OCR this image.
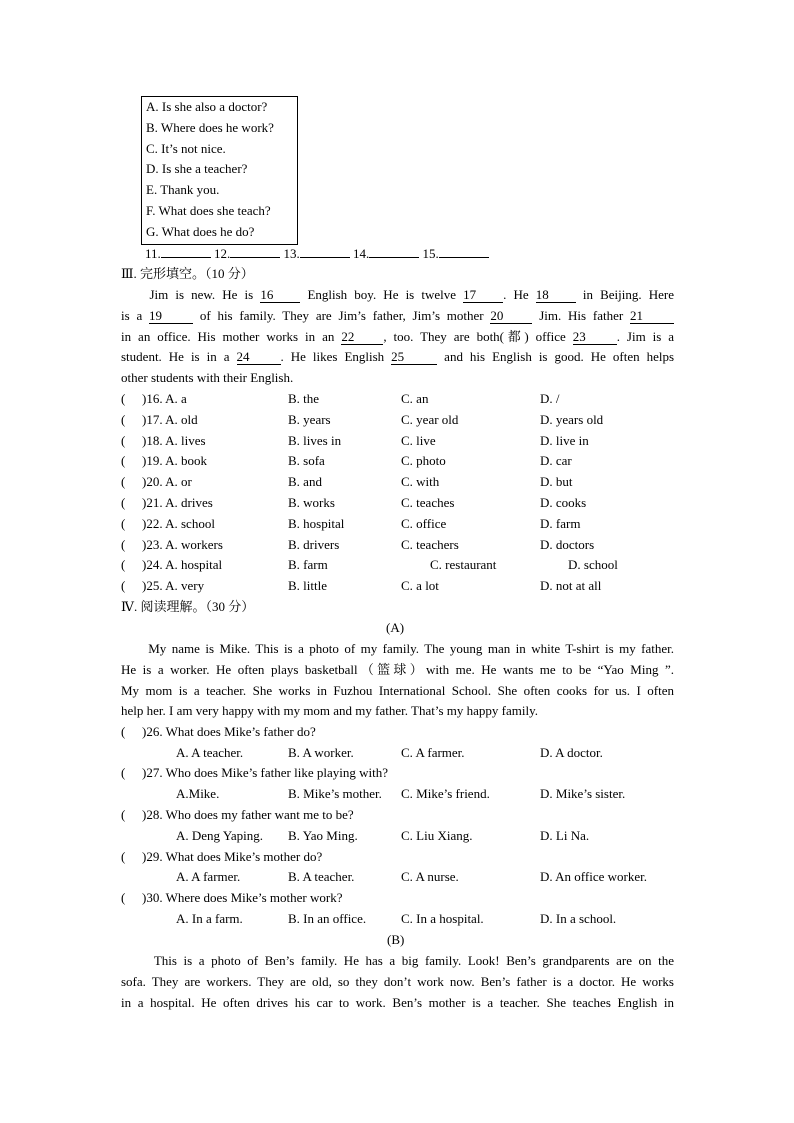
A. Is she also a doctor?
B. Where does he work?
C. It’s not nice.
D. Is she a teacher?
E. Thank you.
F. What does she teach?
G. What does he do?
11.	12.	13.	14.	15.
Ⅲ. 完形填空。（10 分）
Jim is new. He is 16	English boy. He is twelve 17 . He 18	in Beijing. Here
is a 19	of his family. They are Jim’s father, Jim’s mother 20	Jim. His father 21
in an office. His mother works in an 22 , too. They are both(都) office 23 . Jim is a
student. He is in a 24 . He likes English 25	and his English is good. He often helps
other students with their English.
( )16. A. a	B. the	C. an	D. /
( )17. A. old	B. years	C. year old	D. years old
( )18. A. lives	B. lives in	C. live	D. live in
( )19. A. book	B. sofa	C. photo	D. car
( )20. A. or	B. and	C. with	D. but
( )21. A. drives	B. works	C. teaches	D. cooks
( )22. A. school	B. hospital	C. office	D. farm
( )23. A. workers	B. drivers	C. teachers	D. doctors
( )24. A. hospital	B. farm	C. restaurant	D. school
( )25. A. very	B. little	C. a lot	D. not at all
Ⅳ. 阅读理解。（30 分）
(A)
My name is Mike. This is a photo of my family. The young man in white T-shirt is my father.
He is a worker. He often plays basketball（篮球）with me. He wants me to be “Yao Ming ”.
My mom is a teacher. She works in Fuzhou International School. She often cooks for us. I often
help her. I am very happy with my mom and my father. That’s my happy family.
( )26. What does Mike’s father do?
A. A teacher.	B. A worker.	C. A farmer.	D. A doctor.
( )27. Who does Mike’s father like playing with?
A.Mike.	B. Mike’s mother. C. Mike’s friend.	D. Mike’s sister.
( )28. Who does my father want me to be?
A. Deng Yaping. B. Yao Ming.	C. Liu Xiang.	D. Li Na.
( )29. What does Mike’s mother do?
A. A farmer.	B. A teacher.	C. A nurse.	D. An office worker.
( )30. Where does Mike’s mother work?
A. In a farm.	B. In an office.	C. In a hospital.	D. In a school.
(B)
This is a photo of Ben’s family. He has a big family. Look! Ben’s grandparents are on the
sofa. They are workers. They are old, so they don’t work now. Ben’s father is a doctor. He works
in a hospital. He often drives his car to work. Ben’s mother is a teacher. She teaches English in
